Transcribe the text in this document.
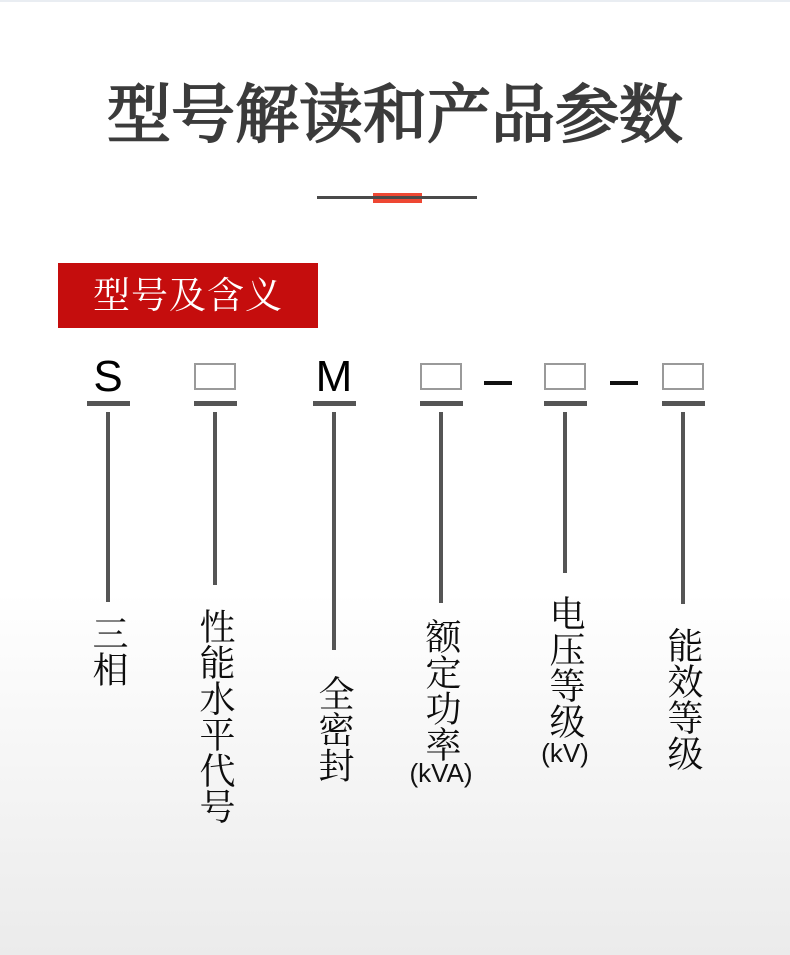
型号解读和产品参数
型号及含义
S
三相 性能水平代号
M
全密封 额定功率
(kVA)
电压等级
(kV) 能效等级
